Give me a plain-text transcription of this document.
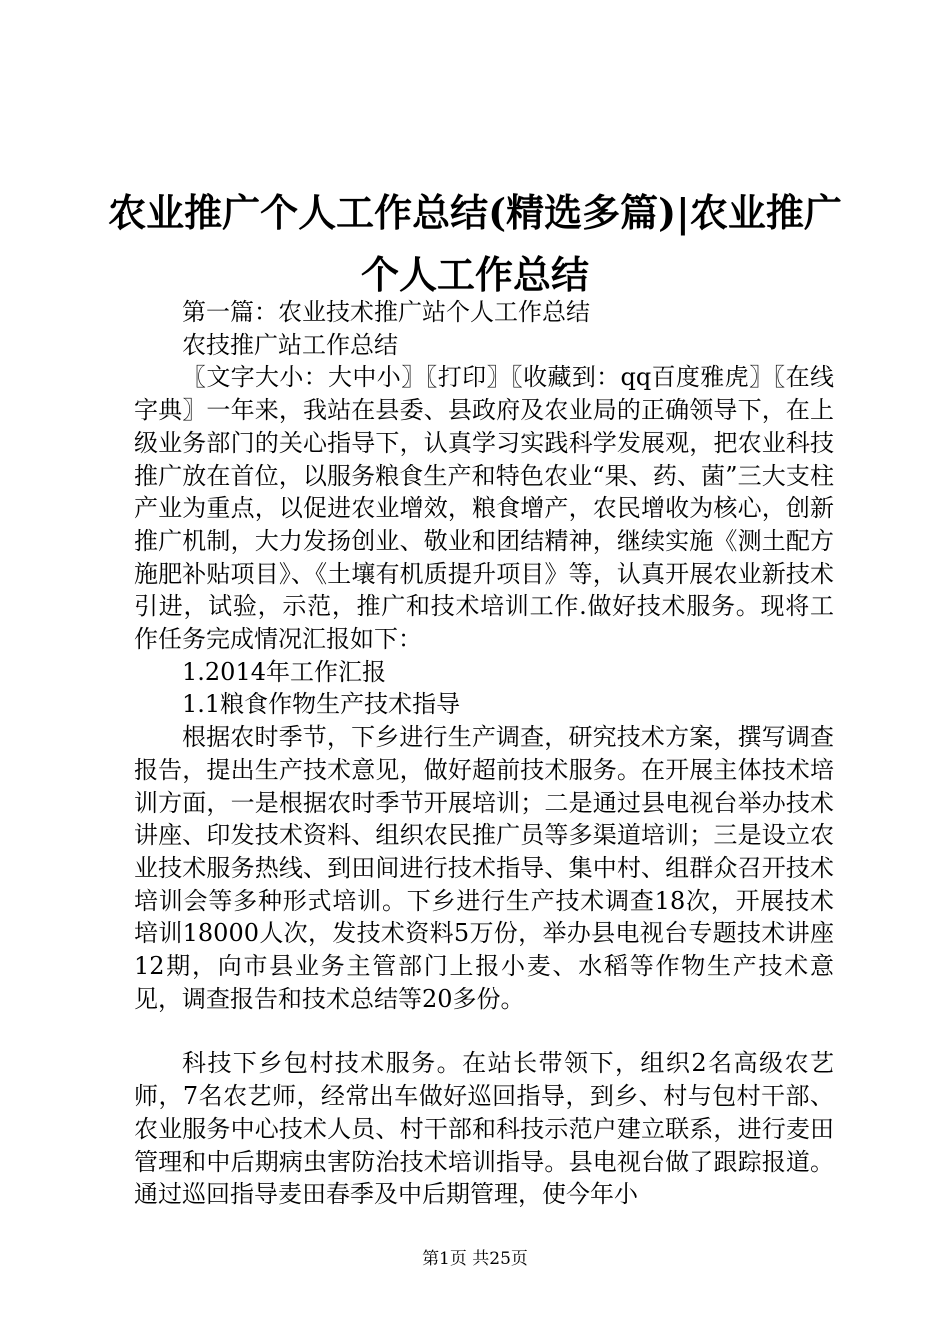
农业推广个人工作总结(精选多篇)|农业推广
个人工作总结

第一篇：农业技术推广站个人工作总结

农技推广站工作总结

〖文字大小：大中小〗〖打印〗〖收藏到：qq百度雅虎〗〖在线字典〗一年来，我站在县委、县政府及农业局的正确领导下，在上级业务部门的关心指导下，认真学习实践科学发展观，把农业科技推广放在首位，以服务粮食生产和特色农业“果、药、菌”三大支柱产业为重点，以促进农业增效，粮食增产，农民增收为核心，创新推广机制，大力发扬创业、敬业和团结精神，继续实施《测土配方施肥补贴项目》、《土壤有机质提升项目》等，认真开展农业新技术引进，试验，示范，推广和技术培训工作.做好技术服务。现将工作任务完成情况汇报如下：

1.2014年工作汇报

1.1粮食作物生产技术指导

根据农时季节，下乡进行生产调查，研究技术方案，撰写调查报告，提出生产技术意见，做好超前技术服务。在开展主体技术培训方面，一是根据农时季节开展培训；二是通过县电视台举办技术讲座、印发技术资料、组织农民推广员等多渠道培训；三是设立农业技术服务热线、到田间进行技术指导、集中村、组群众召开技术培训会等多种形式培训。下乡进行生产技术调查18次，开展技术培训18000人次，发技术资料5万份，举办县电视台专题技术讲座12期，向市县业务主管部门上报小麦、水稻等作物生产技术意见，调查报告和技术总结等20多份。

科技下乡包村技术服务。在站长带领下，组织2名高级农艺师，7名农艺师，经常出车做好巡回指导，到乡、村与包村干部、农业服务中心技术人员、村干部和科技示范户建立联系，进行麦田管理和中后期病虫害防治技术培训指导。县电视台做了跟踪报道。通过巡回指导麦田春季及中后期管理，使今年小

第1页 共25页
